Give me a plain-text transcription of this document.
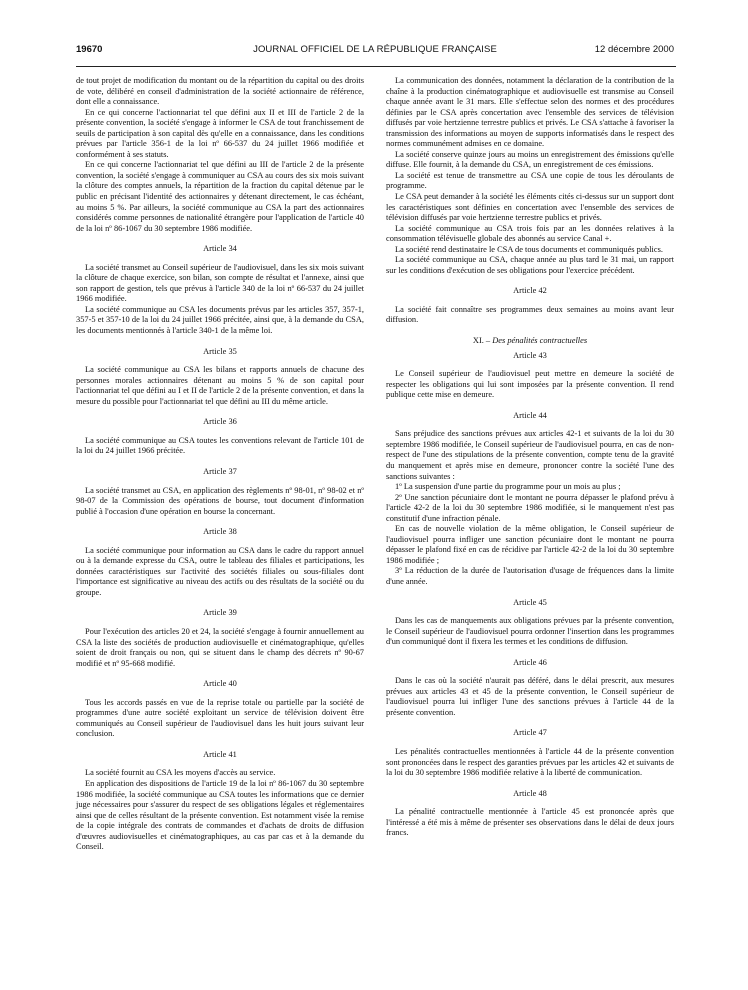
19670	JOURNAL OFFICIEL DE LA RÉPUBLIQUE FRANÇAISE	12 décembre 2000

de tout projet de modification du montant ou de la répartition du capital ou des droits de vote, délibéré en conseil d'administration de la société actionnaire de référence, dont elle a connaissance.

En ce qui concerne l'actionnariat tel que défini aux II et III de l'article 2 de la présente convention, la société s'engage à informer le CSA de tout franchissement de seuils de participation à son capital dès qu'elle en a connaissance, dans les conditions prévues par l'article 356-1 de la loi nº 66-537 du 24 juillet 1966 modifiée et conformément à ses statuts.

En ce qui concerne l'actionnariat tel que défini au III de l'article 2 de la présente convention, la société s'engage à communiquer au CSA au cours des six mois suivant la clôture des comptes annuels, la répartition de la fraction du capital détenue par le public en précisant l'identité des actionnaires y détenant directement, le cas échéant, au moins 5 %. Par ailleurs, la société communique au CSA la part des actionnaires considérés comme personnes de nationalité étrangère pour l'application de l'article 40 de la loi nº 86-1067 du 30 septembre 1986 modifiée.

Article 34

La société transmet au Conseil supérieur de l'audiovisuel, dans les six mois suivant la clôture de chaque exercice, son bilan, son compte de résultat et l'annexe, ainsi que son rapport de gestion, tels que prévus à l'article 340 de la loi nº 66-537 du 24 juillet 1966 modifiée.

La société communique au CSA les documents prévus par les articles 357, 357-1, 357-5 et 357-10 de la loi du 24 juillet 1966 précitée, ainsi que, à la demande du CSA, les documents mentionnés à l'article 340-1 de la même loi.

Article 35

La société communique au CSA les bilans et rapports annuels de chacune des personnes morales actionnaires détenant au moins 5 % de son capital pour l'actionnariat tel que défini au I et II de l'article 2 de la présente convention, et dans la mesure du possible pour l'actionnariat tel que défini au III du même article.

Article 36

La société communique au CSA toutes les conventions relevant de l'article 101 de la loi du 24 juillet 1966 précitée.

Article 37

La société transmet au CSA, en application des règlements nº 98-01, nº 98-02 et nº 98-07 de la Commission des opérations de bourse, tout document d'information publié à l'occasion d'une opération en bourse la concernant.

Article 38

La société communique pour information au CSA dans le cadre du rapport annuel ou à la demande expresse du CSA, outre le tableau des filiales et participations, les données caractéristiques sur l'activité des sociétés filiales ou sous-filiales dont l'importance est significative au niveau des actifs ou des résultats de la société ou du groupe.

Article 39

Pour l'exécution des articles 20 et 24, la société s'engage à fournir annuellement au CSA la liste des sociétés de production audiovisuelle et cinématographique, qu'elles soient de droit français ou non, qui se situent dans le champ des décrets nº 90-67 modifié et nº 95-668 modifié.

Article 40

Tous les accords passés en vue de la reprise totale ou partielle par la société de programmes d'une autre société exploitant un service de télévision doivent être communiqués au Conseil supérieur de l'audiovisuel dans les huit jours suivant leur conclusion.

Article 41

La société fournit au CSA les moyens d'accès au service.

En application des dispositions de l'article 19 de la loi nº 86-1067 du 30 septembre 1986 modifiée, la société communique au CSA toutes les informations que ce dernier juge nécessaires pour s'assurer du respect de ses obligations légales et réglementaires ainsi que de celles résultant de la présente convention. Est notamment visée la remise de la copie intégrale des contrats de commandes et d'achats de droits de diffusion d'œuvres audiovisuelles et cinématographiques, au cas par cas et à la demande du Conseil.

La communication des données, notamment la déclaration de la contribution de la chaîne à la production cinématographique et audiovisuelle est transmise au Conseil chaque année avant le 31 mars. Elle s'effectue selon des normes et des procédures définies par le CSA après concertation avec l'ensemble des services de télévision diffusés par voie hertzienne terrestre publics et privés. Le CSA s'attache à favoriser la transmission des informations au moyen de supports informatisés dans le respect des normes communément admises en ce domaine.

La société conserve quinze jours au moins un enregistrement des émissions qu'elle diffuse. Elle fournit, à la demande du CSA, un enregistrement de ces émissions.

La société est tenue de transmettre au CSA une copie de tous les déroulants de programme.

Le CSA peut demander à la société les éléments cités ci-dessus sur un support dont les caractéristiques sont définies en concertation avec l'ensemble des services de télévision diffusés par voie hertzienne terrestre publics et privés.

La société communique au CSA trois fois par an les données relatives à la consommation télévisuelle globale des abonnés au service Canal +.

La société rend destinataire le CSA de tous documents et communiqués publics.

La société communique au CSA, chaque année au plus tard le 31 mai, un rapport sur les conditions d'exécution de ses obligations pour l'exercice précédent.

Article 42

La société fait connaître ses programmes deux semaines au moins avant leur diffusion.

XI. – Des pénalités contractuelles
Article 43

Le Conseil supérieur de l'audiovisuel peut mettre en demeure la société de respecter les obligations qui lui sont imposées par la présente convention. Il rend publique cette mise en demeure.

Article 44

Sans préjudice des sanctions prévues aux articles 42-1 et suivants de la loi du 30 septembre 1986 modifiée, le Conseil supérieur de l'audiovisuel pourra, en cas de non-respect de l'une des stipulations de la présente convention, compte tenu de la gravité du manquement et après mise en demeure, prononcer contre la société l'une des sanctions suivantes :

1º La suspension d'une partie du programme pour un mois au plus ;

2º Une sanction pécuniaire dont le montant ne pourra dépasser le plafond prévu à l'article 42-2 de la loi du 30 septembre 1986 modifiée, si le manquement n'est pas constitutif d'une infraction pénale.

En cas de nouvelle violation de la même obligation, le Conseil supérieur de l'audiovisuel pourra infliger une sanction pécuniaire dont le montant ne pourra dépasser le plafond fixé en cas de récidive par l'article 42-2 de la loi du 30 septembre 1986 modifiée ;

3º La réduction de la durée de l'autorisation d'usage de fréquences dans la limite d'une année.

Article 45

Dans les cas de manquements aux obligations prévues par la présente convention, le Conseil supérieur de l'audiovisuel pourra ordonner l'insertion dans les programmes d'un communiqué dont il fixera les termes et les conditions de diffusion.

Article 46

Dans le cas où la société n'aurait pas déféré, dans le délai prescrit, aux mesures prévues aux articles 43 et 45 de la présente convention, le Conseil supérieur de l'audiovisuel pourra lui infliger l'une des sanctions prévues à l'article 44 de la présente convention.

Article 47

Les pénalités contractuelles mentionnées à l'article 44 de la présente convention sont prononcées dans le respect des garanties prévues par les articles 42 et suivants de la loi du 30 septembre 1986 modifiée relative à la liberté de communication.

Article 48

La pénalité contractuelle mentionnée à l'article 45 est prononcée après que l'intéressé a été mis à même de présenter ses observations dans le délai de deux jours francs.
